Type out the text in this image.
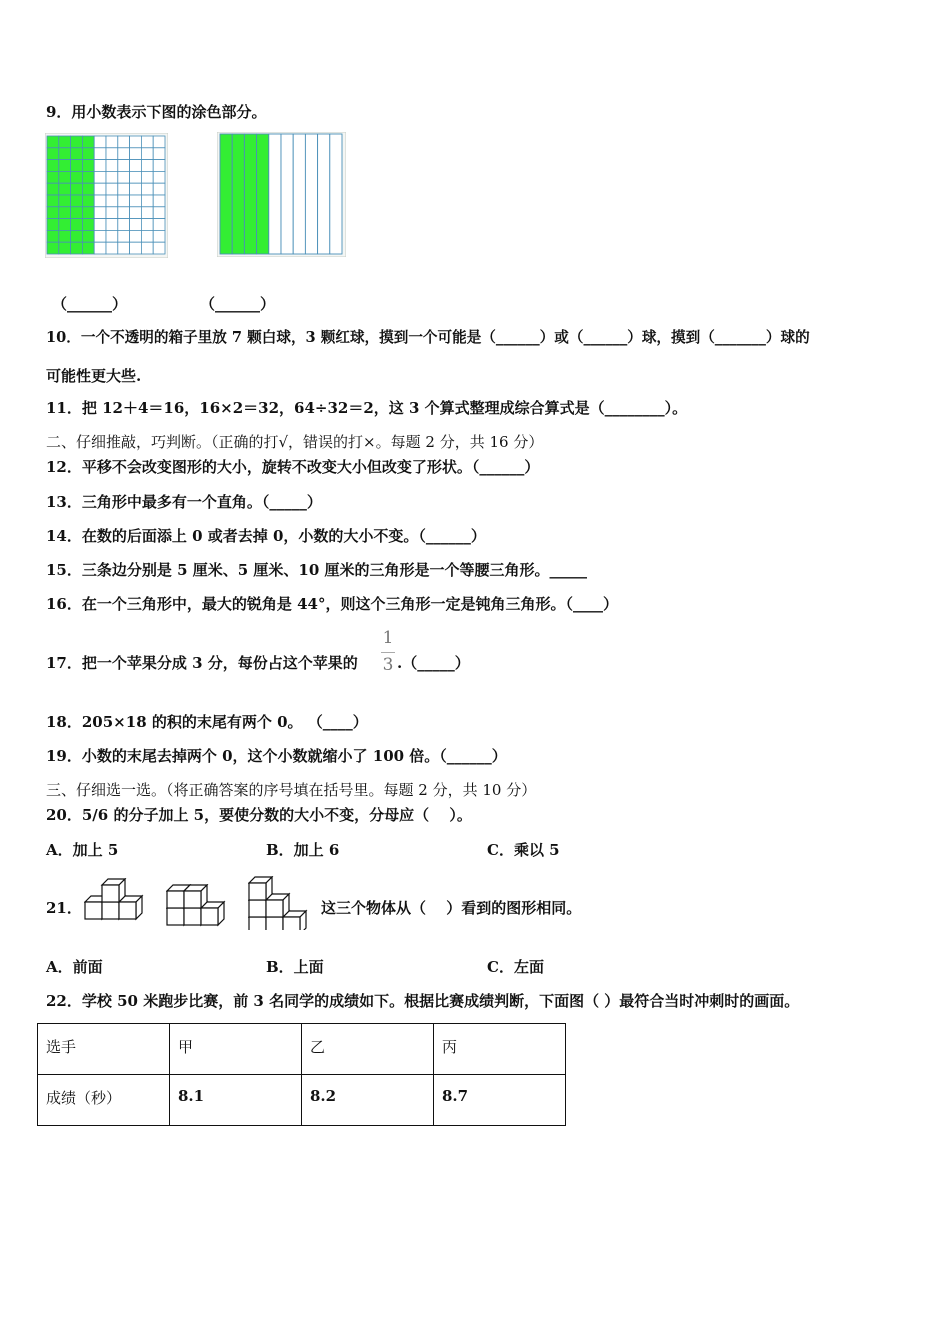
9．用小数表示下图的涂色部分。
（______）	（______）
10．一个不透明的箱子里放 7 颗白球，3 颗红球，摸到一个可能是（______）或（______）球，摸到（_______）球的
可能性更大些.
11．把 12＋4＝16，16×2＝32，64÷32＝2，这 3 个算式整理成综合算式是（________）。
二、仔细推敲，巧判断。（正确的打√，错误的打×。每题 2 分，共 16 分）
12．平移不会改变图形的大小，旋转不改变大小但改变了形状。（______）
13．三角形中最多有一个直角。（_____）
14．在数的后面添上 0 或者去掉 0，小数的大小不变。（______）
15．三条边分别是 5 厘米、5 厘米、10 厘米的三角形是一个等腰三角形。_____
16．在一个三角形中，最大的锐角是 44°，则这个三角形一定是钝角三角形。（____）
17．把一个苹果分成 3 分，每份占这个苹果的
1
3 .（_____）
18．205×18 的积的末尾有两个 0。 （____）
19．小数的末尾去掉两个 0，这个小数就缩小了 100 倍。（______）
三、仔细选一选。（将正确答案的序号填在括号里。每题 2 分，共 10 分）
20．5/6 的分子加上 5，要使分数的大小不变，分母应（　 ）。
A．加上 5	B．加上 6	C．乘以 5
21．	这三个物体从（　 ）看到的图形相同。
A．前面	B．上面	C．左面
22．学校 50 米跑步比赛，前 3 名同学的成绩如下。根据比赛成绩判断，下面图（ ）最符合当时冲刺时的画面。
选手	甲	乙	丙
成绩（秒）	8.1	8.2	8.7
